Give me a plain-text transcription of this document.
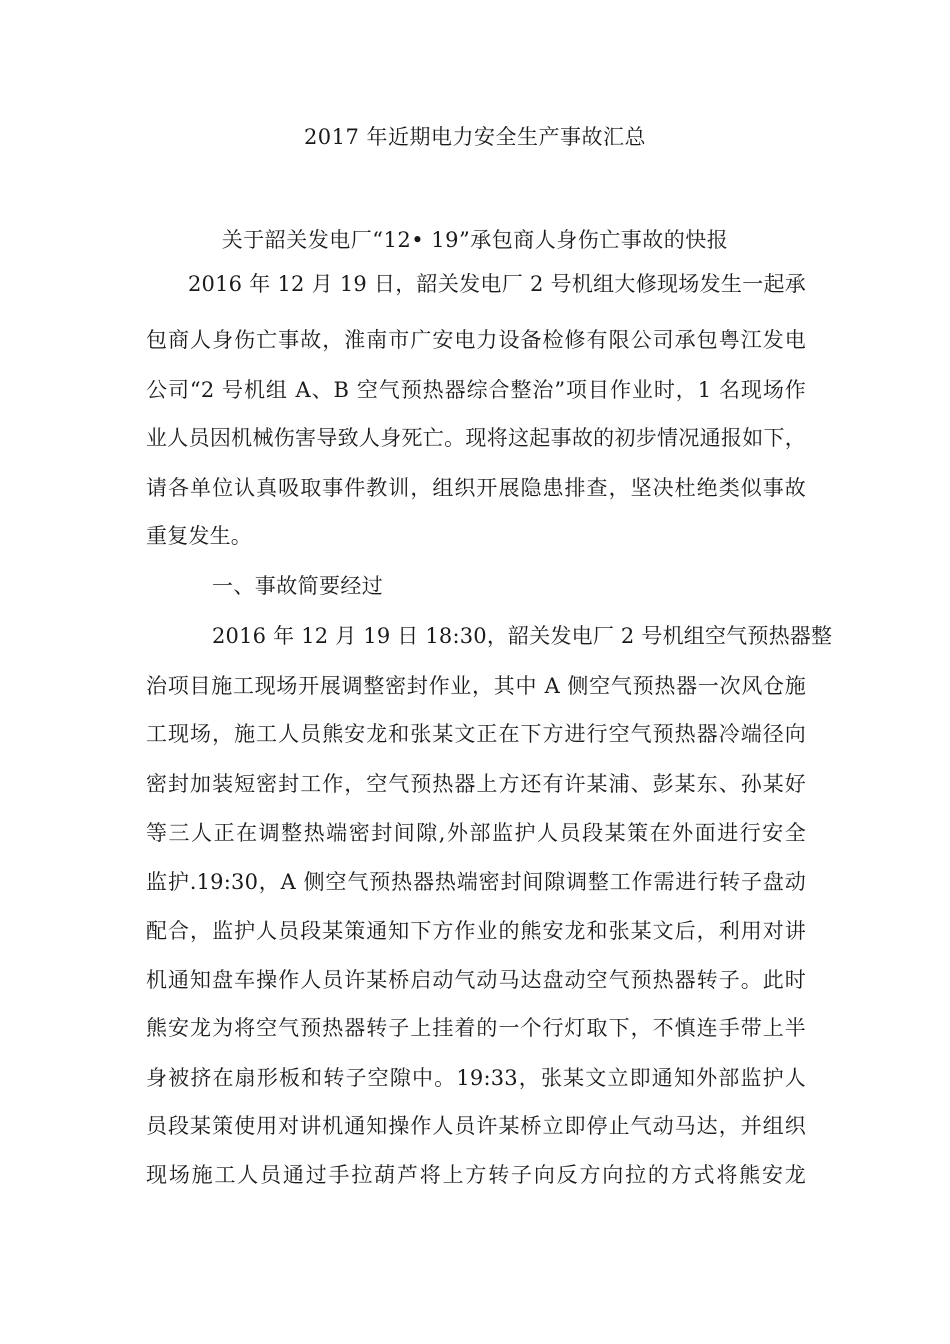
2017 年近期电力安全生产事故汇总
关于韶关发电厂“12• 19”承包商人身伤亡事故的快报
2016 年 12 月 19 日，韶关发电厂 2 号机组大修现场发生一起承
包商人身伤亡事故，淮南市广安电力设备检修有限公司承包粤江发电
公司“2 号机组 A、B 空气预热器综合整治”项目作业时，1 名现场作
业人员因机械伤害导致人身死亡。现将这起事故的初步情况通报如下，
请各单位认真吸取事件教训，组织开展隐患排查，坚决杜绝类似事故
重复发生。
一、事故简要经过
2016 年 12 月 19 日 18:30，韶关发电厂 2 号机组空气预热器整
治项目施工现场开展调整密封作业，其中 A 侧空气预热器一次风仓施
工现场，施工人员熊安龙和张某文正在下方进行空气预热器冷端径向
密封加装短密封工作，空气预热器上方还有许某浦、彭某东、孙某好
等三人正在调整热端密封间隙,外部监护人员段某策在外面进行安全
监护.19:30，A 侧空气预热器热端密封间隙调整工作需进行转子盘动
配合，监护人员段某策通知下方作业的熊安龙和张某文后，利用对讲
机通知盘车操作人员许某桥启动气动马达盘动空气预热器转子。此时
熊安龙为将空气预热器转子上挂着的一个行灯取下，不慎连手带上半
身被挤在扇形板和转子空隙中。19:33，张某文立即通知外部监护人
员段某策使用对讲机通知操作人员许某桥立即停止气动马达，并组织
现场施工人员通过手拉葫芦将上方转子向反方向拉的方式将熊安龙
